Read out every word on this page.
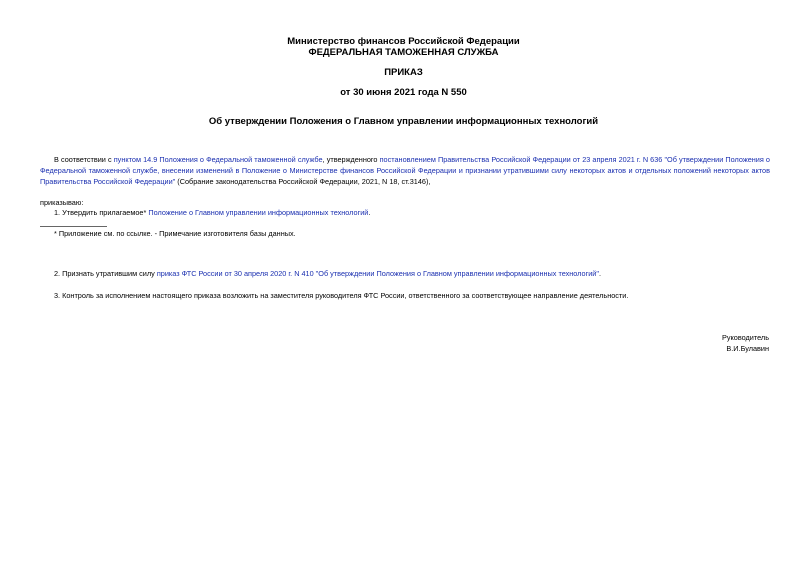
Министерство финансов Российской Федерации
ФЕДЕРАЛЬНАЯ ТАМОЖЕННАЯ СЛУЖБА
ПРИКАЗ
от 30 июня 2021 года N 550
Об утверждении Положения о Главном управлении информационных технологий
В соответствии с пунктом 14.9 Положения о Федеральной таможенной службе, утвержденного постановлением Правительства Российской Федерации от 23 апреля 2021 г. N 636 "Об утверждении Положения о
Федеральной таможенной службе, внесении изменений в Положение о Министерстве финансов Российской Федерации и признании утратившими силу некоторых актов и отдельных положений некоторых актов
Правительства Российской Федерации" (Собрание законодательства Российской Федерации, 2021, N 18, ст.3146),
приказываю:
1. Утвердить прилагаемое* Положение о Главном управлении информационных технологий.
* Приложение см. по ссылке. - Примечание изготовителя базы данных.
2. Признать утратившим силу приказ ФТС России от 30 апреля 2020 г. N 410 "Об утверждении Положения о Главном управлении информационных технологий".
3. Контроль за исполнением настоящего приказа возложить на заместителя руководителя ФТС России, ответственного за соответствующее направление деятельности.
Руководитель
В.И.Булавин
